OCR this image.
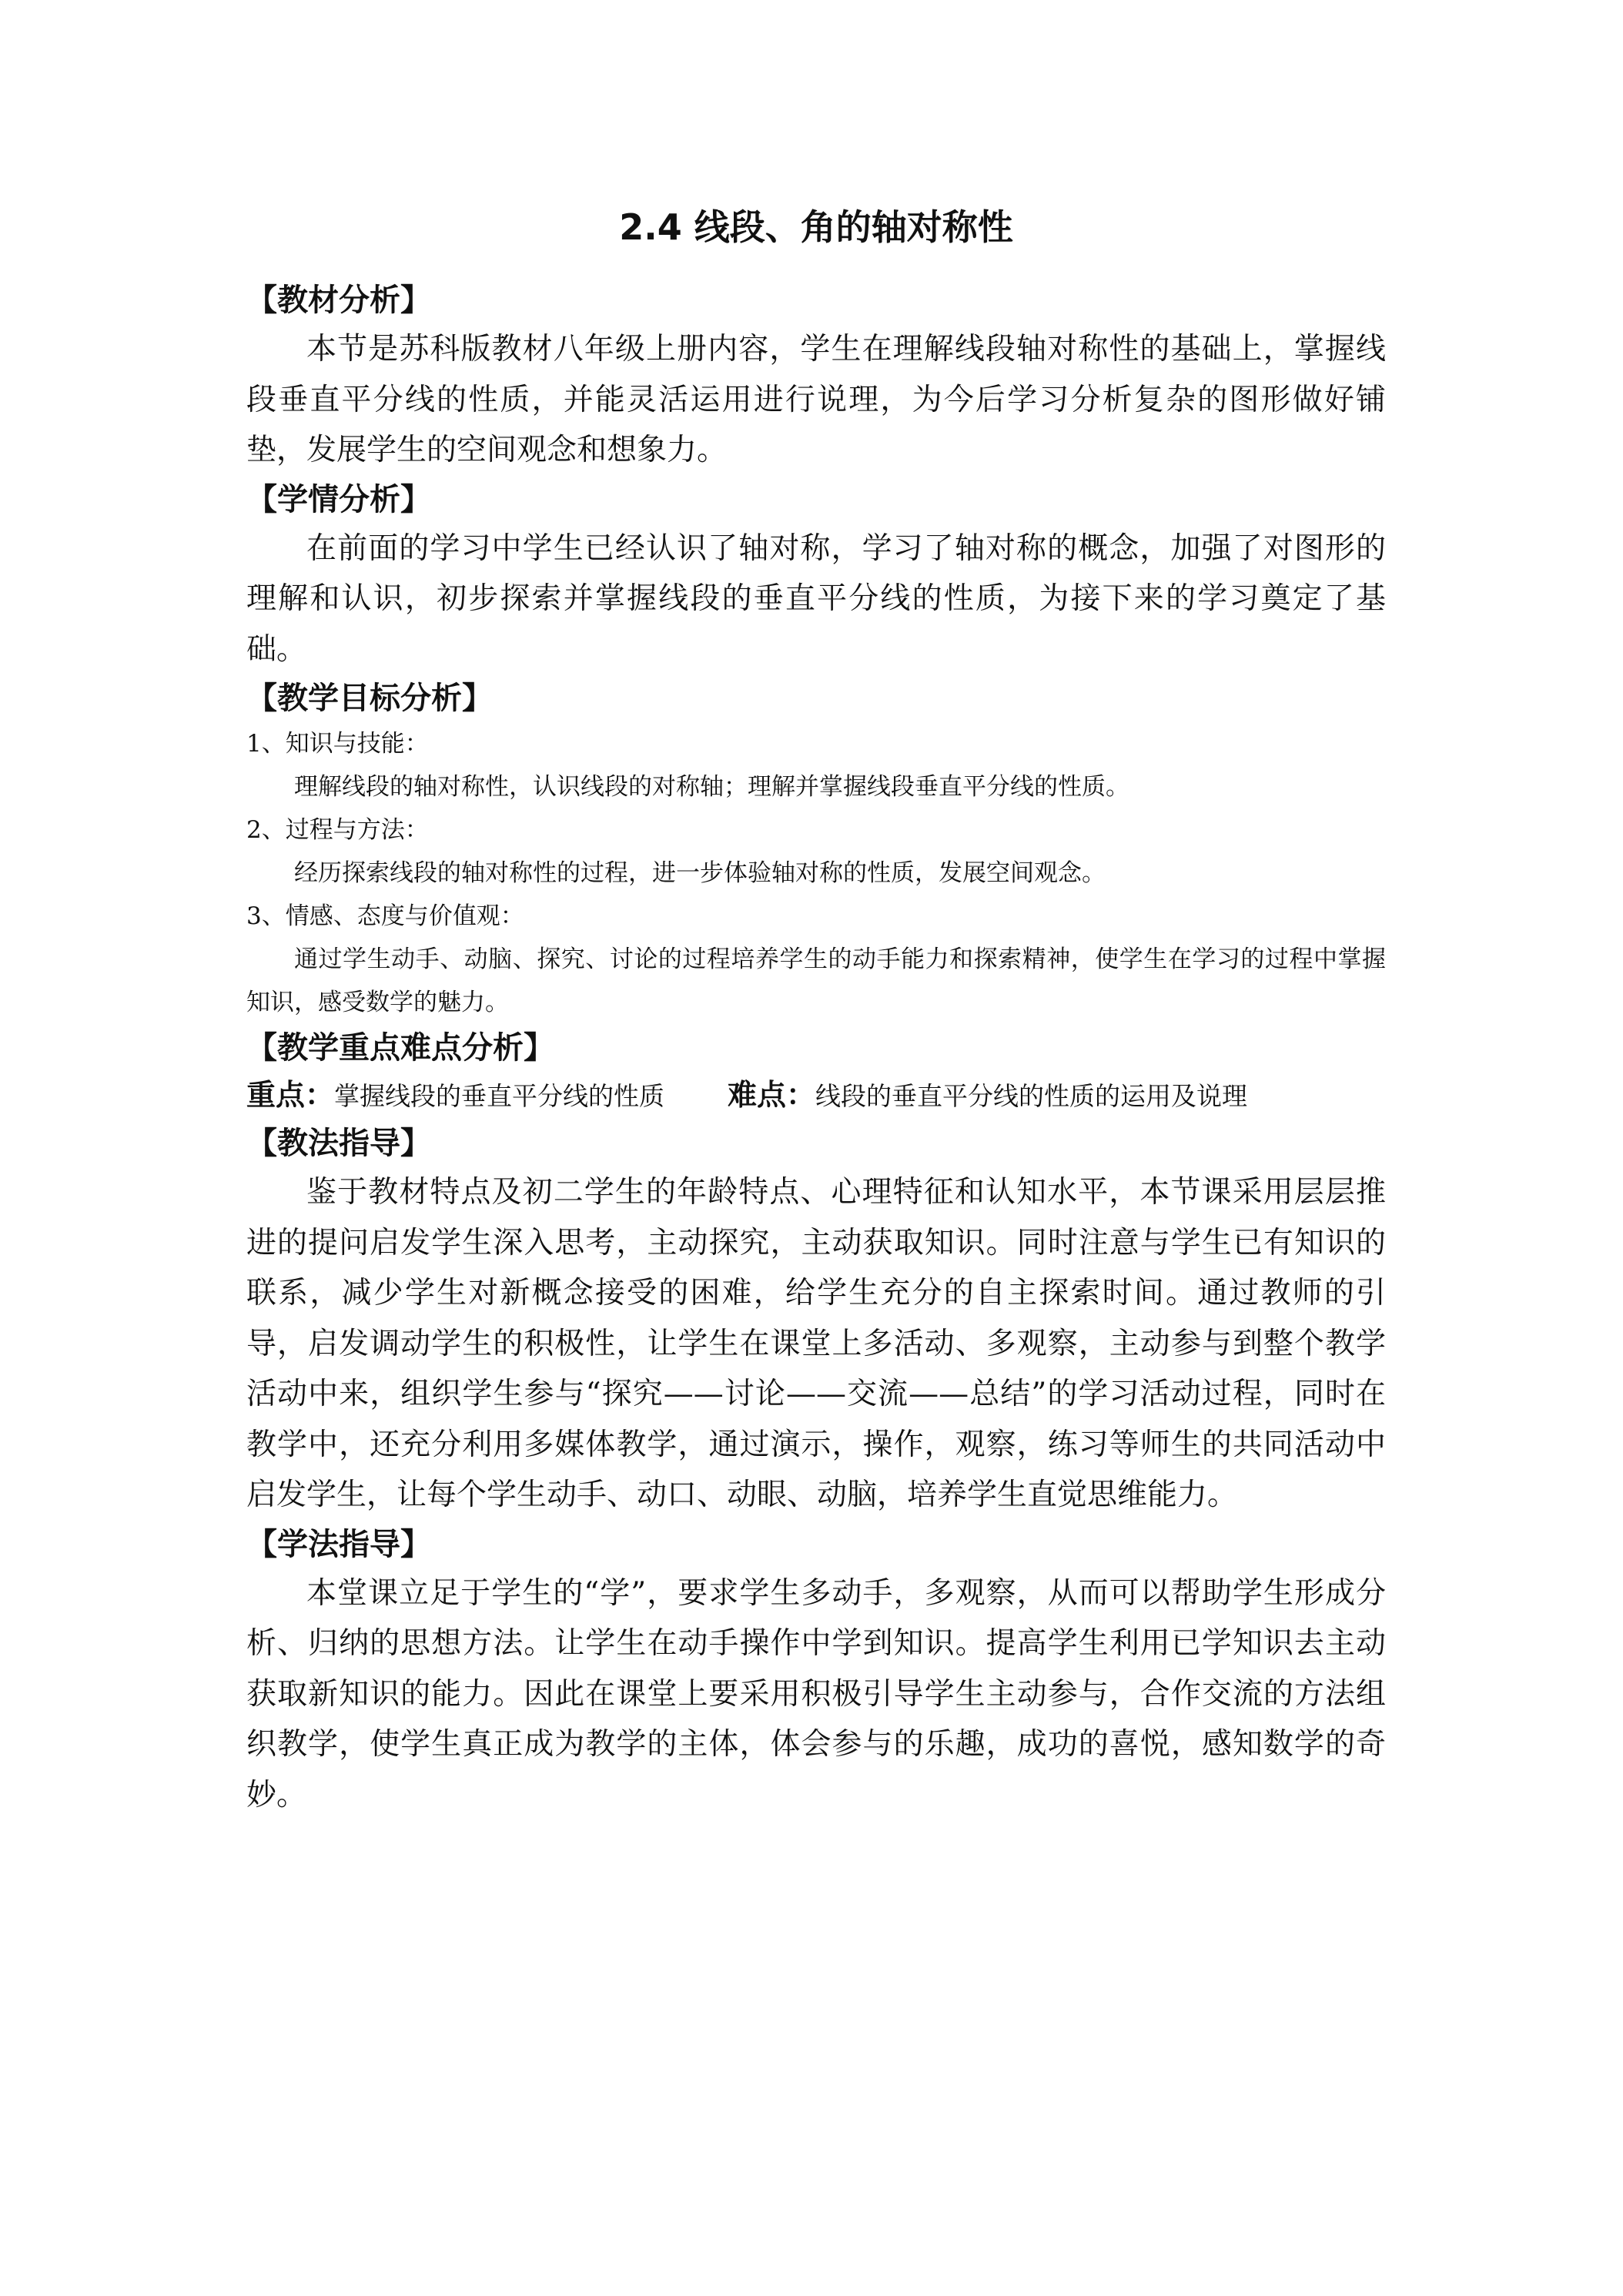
2.4 线段、角的轴对称性

【教材分析】

本节是苏科版教材八年级上册内容，学生在理解线段轴对称性的基础上，掌握线段垂直平分线的性质，并能灵活运用进行说理，为今后学习分析复杂的图形做好铺垫，发展学生的空间观念和想象力。

【学情分析】

在前面的学习中学生已经认识了轴对称，学习了轴对称的概念，加强了对图形的理解和认识，初步探索并掌握线段的垂直平分线的性质，为接下来的学习奠定了基础。

【教学目标分析】

1、知识与技能：

理解线段的轴对称性，认识线段的对称轴；理解并掌握线段垂直平分线的性质。

2、过程与方法：

经历探索线段的轴对称性的过程，进一步体验轴对称的性质，发展空间观念。

3、情感、态度与价值观：

通过学生动手、动脑、探究、讨论的过程培养学生的动手能力和探索精神，使学生在学习的过程中掌握知识，感受数学的魅力。

【教学重点难点分析】

重点： 掌握线段的垂直平分线的性质 难点： 线段的垂直平分线的性质的运用及说理

【教法指导】

鉴于教材特点及初二学生的年龄特点、心理特征和认知水平，本节课采用层层推进的提问启发学生深入思考，主动探究，主动获取知识。同时注意与学生已有知识的联系，减少学生对新概念接受的困难，给学生充分的自主探索时间。通过教师的引导，启发调动学生的积极性，让学生在课堂上多活动、多观察，主动参与到整个教学活动中来，组织学生参与“探究——讨论——交流——总结”的学习活动过程，同时在教学中，还充分利用多媒体教学，通过演示，操作，观察，练习等师生的共同活动中启发学生，让每个学生动手、动口、动眼、动脑，培养学生直觉思维能力。

【学法指导】

本堂课立足于学生的“学”，要求学生多动手，多观察，从而可以帮助学生形成分析、归纳的思想方法。让学生在动手操作中学到知识。提高学生利用已学知识去主动获取新知识的能力。因此在课堂上要采用积极引导学生主动参与，合作交流的方法组织教学，使学生真正成为教学的主体，体会参与的乐趣，成功的喜悦，感知数学的奇妙。
